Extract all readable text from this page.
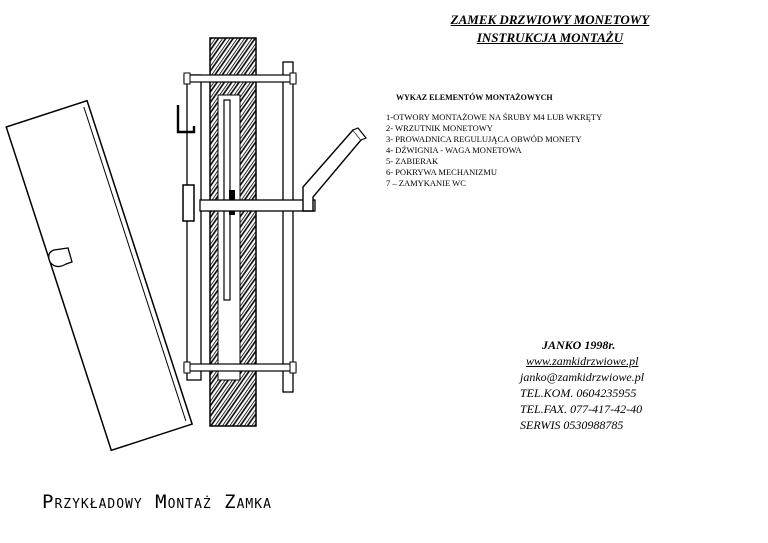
ZAMEK DRZWIOWY MONETOWY
INSTRUKCJA MONTAŻU
WYKAZ ELEMENTÓW MONTAŻOWYCH
1-OTWORY MONTAŻOWE NA ŚRUBY M4 LUB WKRĘTY
2- WRZUTNIK MONETOWY
3- PROWADNICA REGULUJĄCA OBWÓD MONETY
4- DŹWIGNIA - WAGA MONETOWA
5- ZABIERAK
6- POKRYWA MECHANIZMU
7 – ZAMYKANIE WC
JANKO 1998r.
www.zamkidrzwiowe.pl
janko@zamkidrzwiowe.pl
TEL.KOM. 0604235955
TEL.FAX. 077-417-42-40
SERWIS 0530988785
Przykładowy Montaż Zamka
